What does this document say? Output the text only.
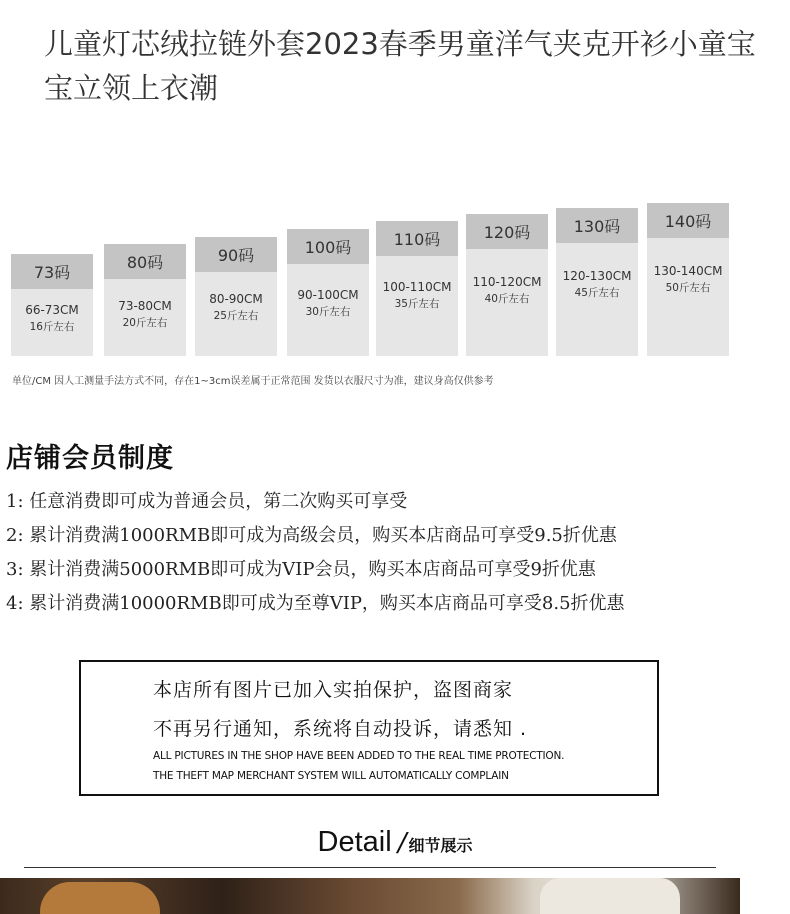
儿童灯芯绒拉链外套2023春季男童洋气夹克开衫小童宝宝立领上衣潮
73码
66-73CM
16斤左右
80码
73-80CM
20斤左右
90码
80-90CM
25斤左右
100码
90-100CM
30斤左右
110码
100-110CM
35斤左右
120码
110-120CM
40斤左右
130码
120-130CM
45斤左右
140码
130-140CM
50斤左右
单位/CM 因人工测量手法方式不同，存在1~3cm误差属于正常范围 发货以衣服尺寸为准，建议身高仅供参考
店铺会员制度
1: 任意消费即可成为普通会员，第二次购买可享受
2: 累计消费满1000RMB即可成为高级会员，购买本店商品可享受9.5折优惠
3: 累计消费满5000RMB即可成为VIP会员，购买本店商品可享受9折优惠
4: 累计消费满10000RMB即可成为至尊VIP，购买本店商品可享受8.5折优惠
本店所有图片已加入实拍保护，盗图商家
不再另行通知，系统将自动投诉，请悉知 .
ALL PICTURES IN THE SHOP HAVE BEEN ADDED TO THE REAL TIME PROTECTION.
THE THEFT MAP MERCHANT SYSTEM WILL AUTOMATICALLY COMPLAIN
Detail / 细节展示
